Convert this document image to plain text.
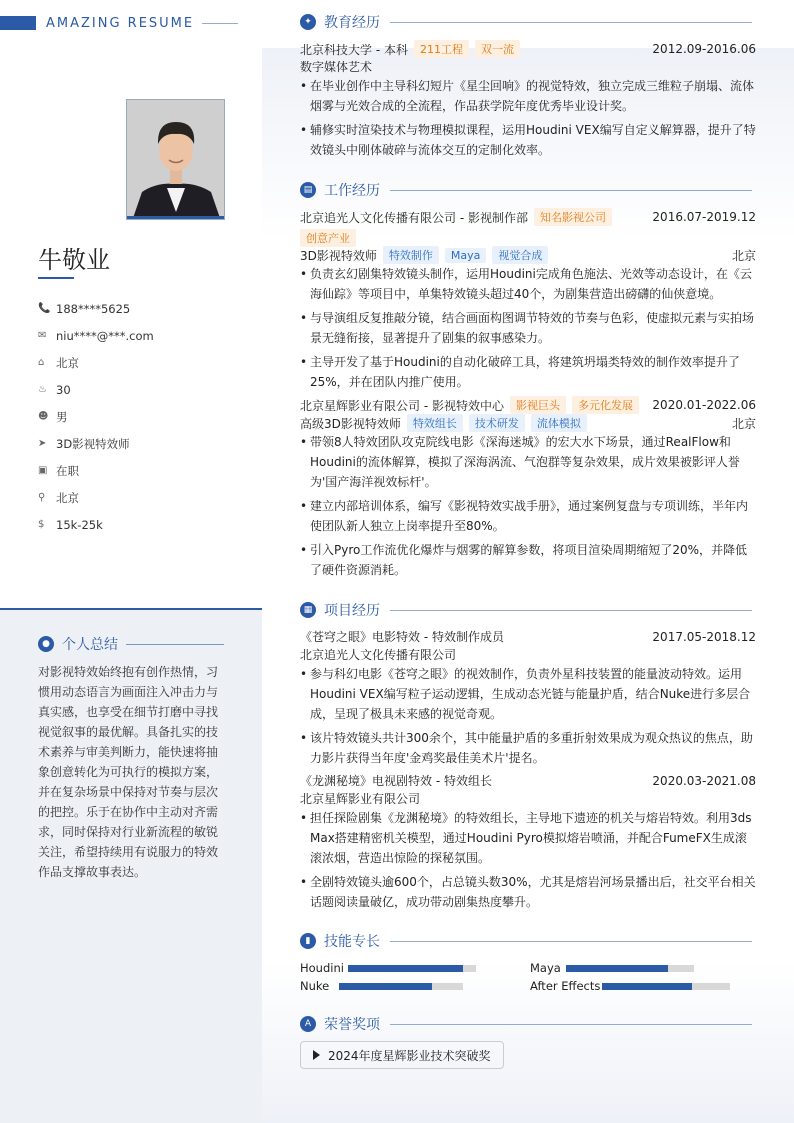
AMAZING RESUME
牛敬业
📞 188****5625
✉ niu****@***.com
⌂	北京
♨ 30
☻ 男
➤ 3D影视特效师
▣ 在职
⚲ 北京
$	15k-25k
● 个人总结
对影视特效始终抱有创作热情，习惯用动态语言为画面注入冲击力与真实感，也享受在细节打磨中寻找视觉叙事的最优解。具备扎实的技术素养与审美判断力，能快速将抽象创意转化为可执行的模拟方案，并在复杂场景中保持对节奏与层次的把控。乐于在协作中主动对齐需求，同时保持对行业新流程的敏锐关注，希望持续用有说服力的特效作品支撑故事表达。
✦ 教育经历
北京科技大学 - 本科	211工程	双一流	2012.09-2016.06
数字媒体艺术
• 在毕业创作中主导科幻短片《星尘回响》的视觉特效，独立完成三维粒子崩塌、流体烟雾与光效合成的全流程，作品获学院年度优秀毕业设计奖。
• 辅修实时渲染技术与物理模拟课程，运用Houdini VEX编写自定义解算器，提升了特效镜头中刚体破碎与流体交互的定制化效率。
▤ 工作经历
北京追光人文化传播有限公司 - 影视制作部	知名影视公司	2016.07-2019.12
创意产业
3D影视特效师	特效制作	Maya	视觉合成	北京
• 负责玄幻剧集特效镜头制作，运用Houdini完成角色施法、光效等动态设计，在《云海仙踪》等项目中，单集特效镜头超过40个，为剧集营造出磅礴的仙侠意境。
• 与导演组反复推敲分镜，结合画面构图调节特效的节奏与色彩，使虚拟元素与实拍场景无缝衔接，显著提升了剧集的叙事感染力。
• 主导开发了基于Houdini的自动化破碎工具，将建筑坍塌类特效的制作效率提升了25%，并在团队内推广使用。
北京星辉影业有限公司 - 影视特效中心	影视巨头	多元化发展	2020.01-2022.06
高级3D影视特效师	特效组长	技术研发	流体模拟	北京
• 带领8人特效团队攻克院线电影《深海迷城》的宏大水下场景，通过RealFlow和Houdini的流体解算，模拟了深海涡流、气泡群等复杂效果，成片效果被影评人誉为'国产海洋视效标杆'。
• 建立内部培训体系，编写《影视特效实战手册》，通过案例复盘与专项训练，半年内使团队新人独立上岗率提升至80%。
• 引入Pyro工作流优化爆炸与烟雾的解算参数，将项目渲染周期缩短了20%，并降低了硬件资源消耗。
▦ 项目经历
《苍穹之眼》电影特效 - 特效制作成员	2017.05-2018.12
北京追光人文化传播有限公司
• 参与科幻电影《苍穹之眼》的视效制作，负责外星科技装置的能量波动特效。运用Houdini VEX编写粒子运动逻辑，生成动态光链与能量护盾，结合Nuke进行多层合成，呈现了极具未来感的视觉奇观。
• 该片特效镜头共计300余个，其中能量护盾的多重折射效果成为观众热议的焦点，助力影片获得当年度'金鸡奖最佳美术片'提名。
《龙渊秘境》电视剧特效 - 特效组长	2020.03-2021.08
北京星辉影业有限公司
• 担任探险剧集《龙渊秘境》的特效组长，主导地下遗迹的机关与熔岩特效。利用3ds Max搭建精密机关模型，通过Houdini Pyro模拟熔岩喷涌，并配合FumeFX生成滚滚浓烟，营造出惊险的探秘氛围。
• 全剧特效镜头逾600个，占总镜头数30%，尤其是熔岩河场景播出后，社交平台相关话题阅读量破亿，成功带动剧集热度攀升。
▮ 技能专长
Houdini	Maya
Nuke	After Effects
A 荣誉奖项
2024年度星辉影业技术突破奖
